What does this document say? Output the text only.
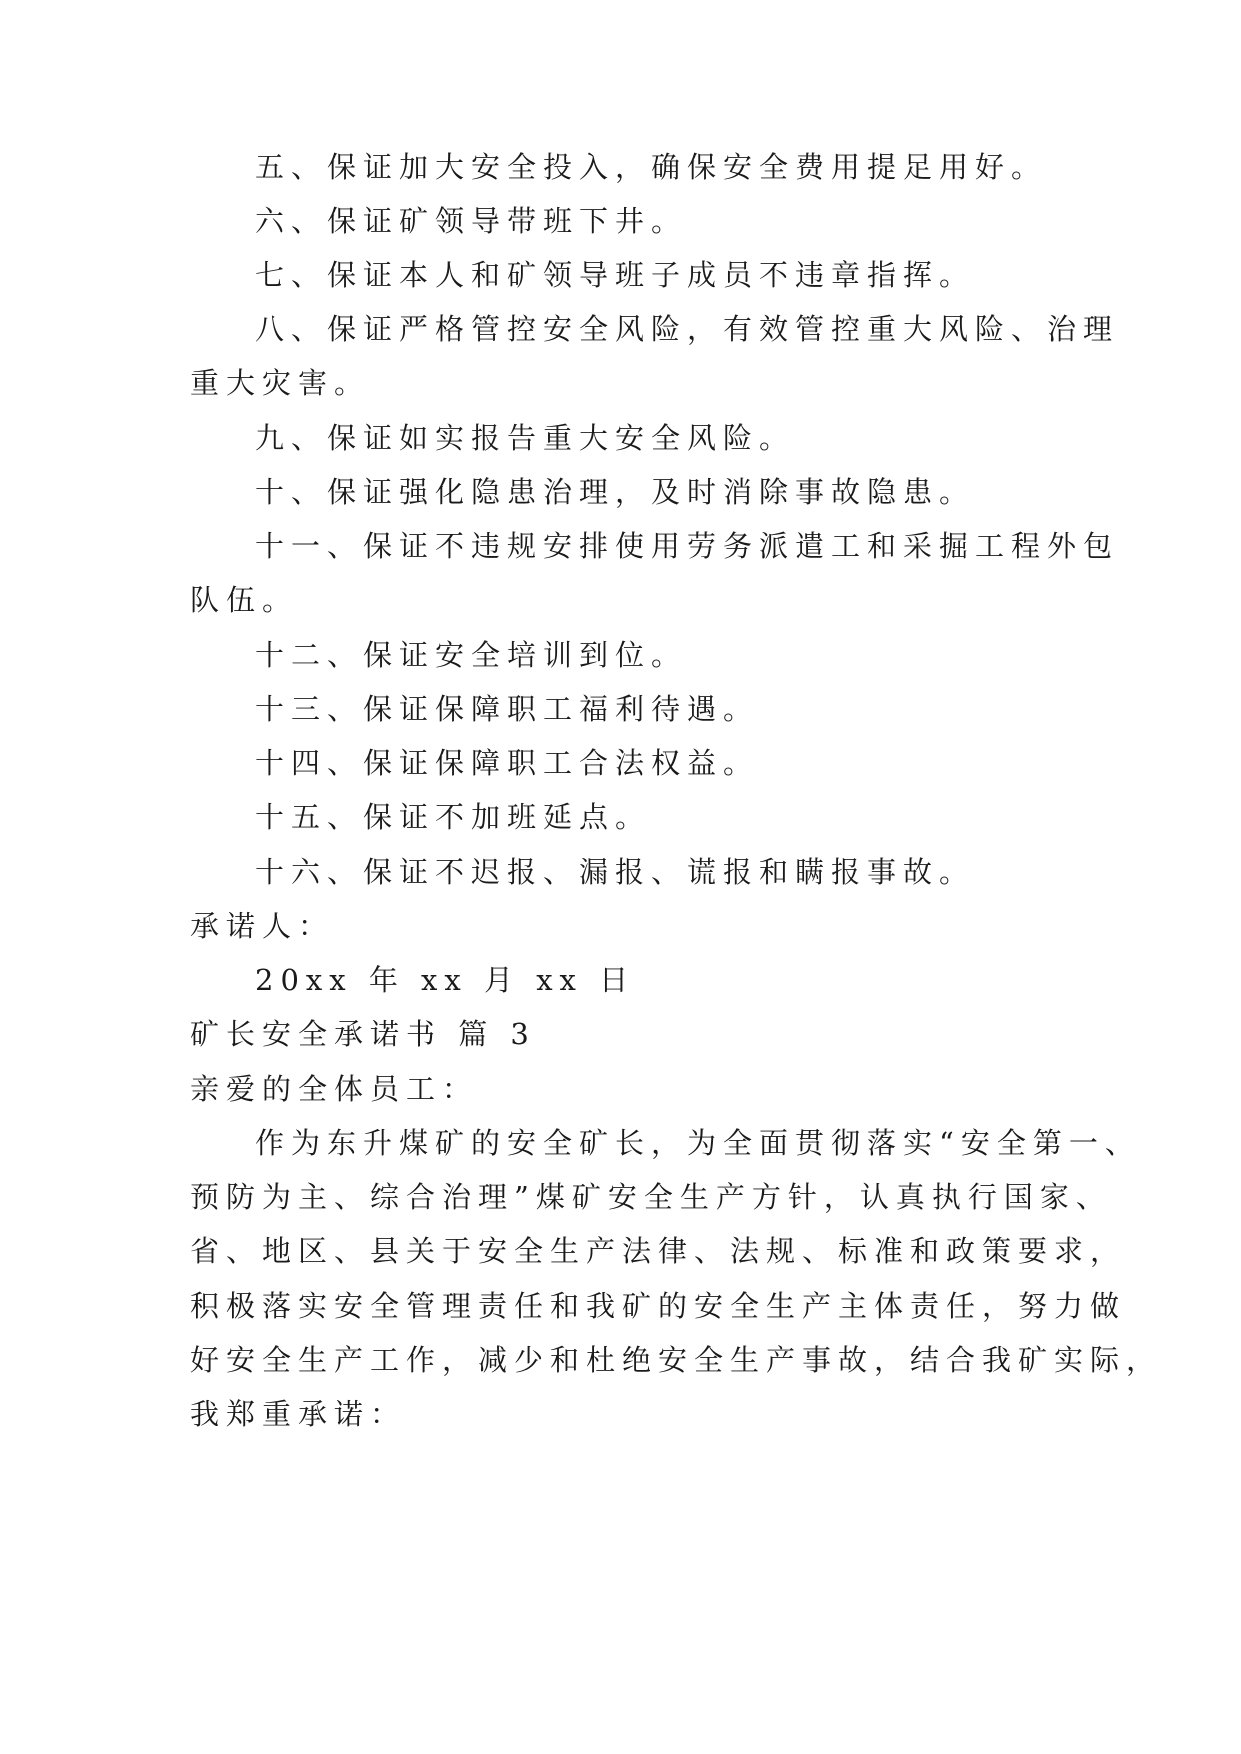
五、保证加大安全投入，确保安全费用提足用好。
六、保证矿领导带班下井。
七、保证本人和矿领导班子成员不违章指挥。
八、保证严格管控安全风险，有效管控重大风险、治理
重大灾害。
九、保证如实报告重大安全风险。
十、保证强化隐患治理，及时消除事故隐患。
十一、保证不违规安排使用劳务派遣工和采掘工程外包
队伍。
十二、保证安全培训到位。
十三、保证保障职工福利待遇。
十四、保证保障职工合法权益。
十五、保证不加班延点。
十六、保证不迟报、漏报、谎报和瞒报事故。
承诺人：
20xx 年 xx 月 xx 日
矿长安全承诺书 篇 3
亲爱的全体员工：
作为东升煤矿的安全矿长，为全面贯彻落实“安全第一、
预防为主、综合治理”煤矿安全生产方针，认真执行国家、
省、地区、县关于安全生产法律、法规、标准和政策要求，
积极落实安全管理责任和我矿的安全生产主体责任，努力做
好安全生产工作，减少和杜绝安全生产事故，结合我矿实际，
我郑重承诺：
